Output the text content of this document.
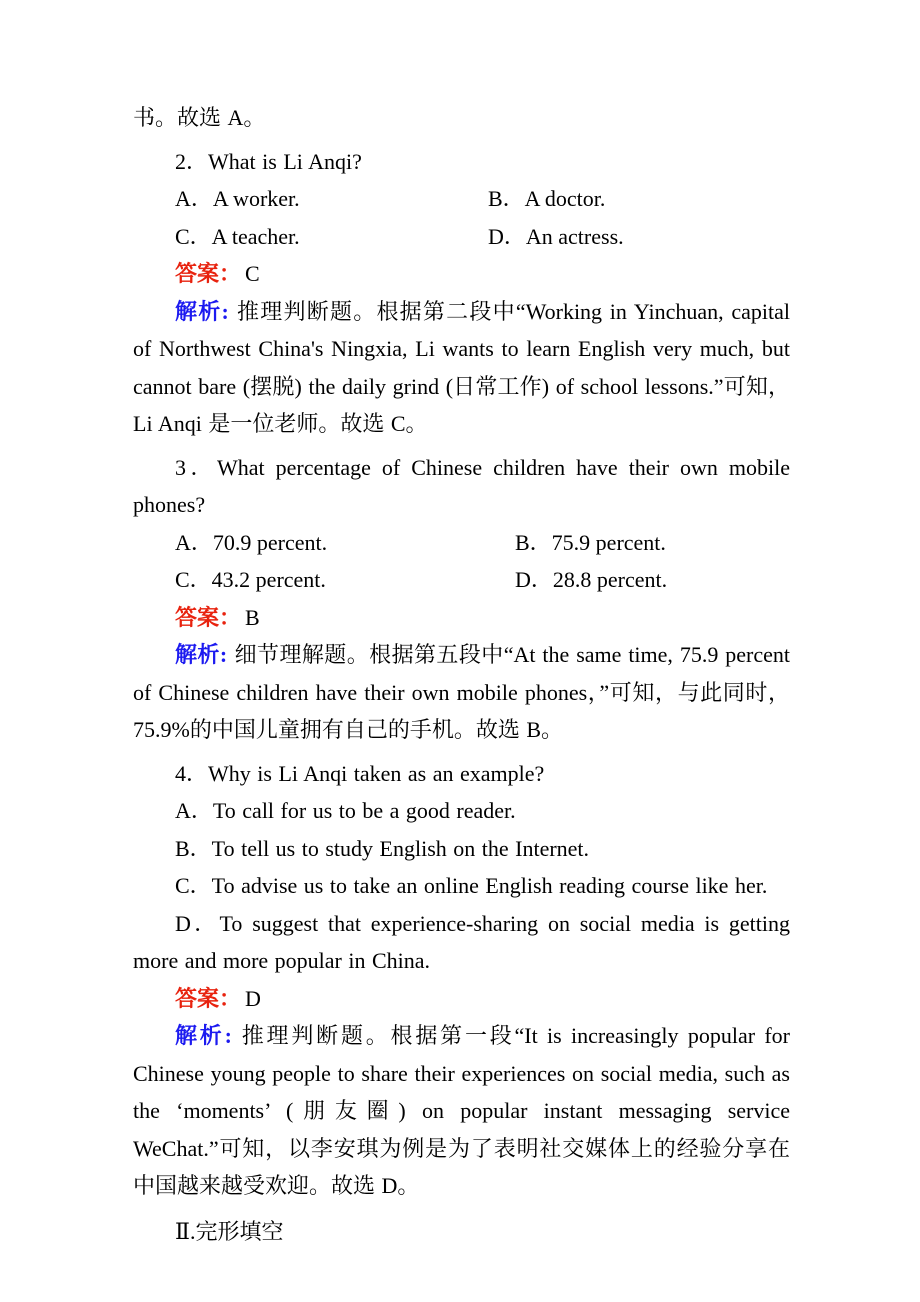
书。故选 A。

2．What is Li Anqi?

A．A worker.	B．A doctor.
C．A teacher.	D．An actress.

答案： C

解析: 推理判断题。根据第二段中“Working in Yinchuan, capital of Northwest China's Ningxia, Li wants to learn English very much, but cannot bare (摆脱) the daily grind (日常工作) of school lessons.”可知，Li Anqi 是一位老师。故选 C。

3．What percentage of Chinese children have their own mobile phones?

A．70.9 percent.	B．75.9 percent.
C．43.2 percent.	D．28.8 percent.

答案： B

解析: 细节理解题。根据第五段中“At the same time, 75.9 percent of Chinese children have their own mobile phones，”可知，与此同时，75.9%的中国儿童拥有自己的手机。故选 B。

4．Why is Li Anqi taken as an example?

A．To call for us to be a good reader.

B．To tell us to study English on the Internet.

C．To advise us to take an online English reading course like her.

D．To suggest that experience-sharing on social media is getting more and more popular in China.

答案： D

解析: 推理判断题。根据第一段“It is increasingly popular for Chinese young people to share their experiences on social media, such as the ‘moments’ (朋友圈) on popular instant messaging service WeChat.”可知，以李安琪为例是为了表明社交媒体上的经验分享在中国越来越受欢迎。故选 D。

Ⅱ.完形填空
